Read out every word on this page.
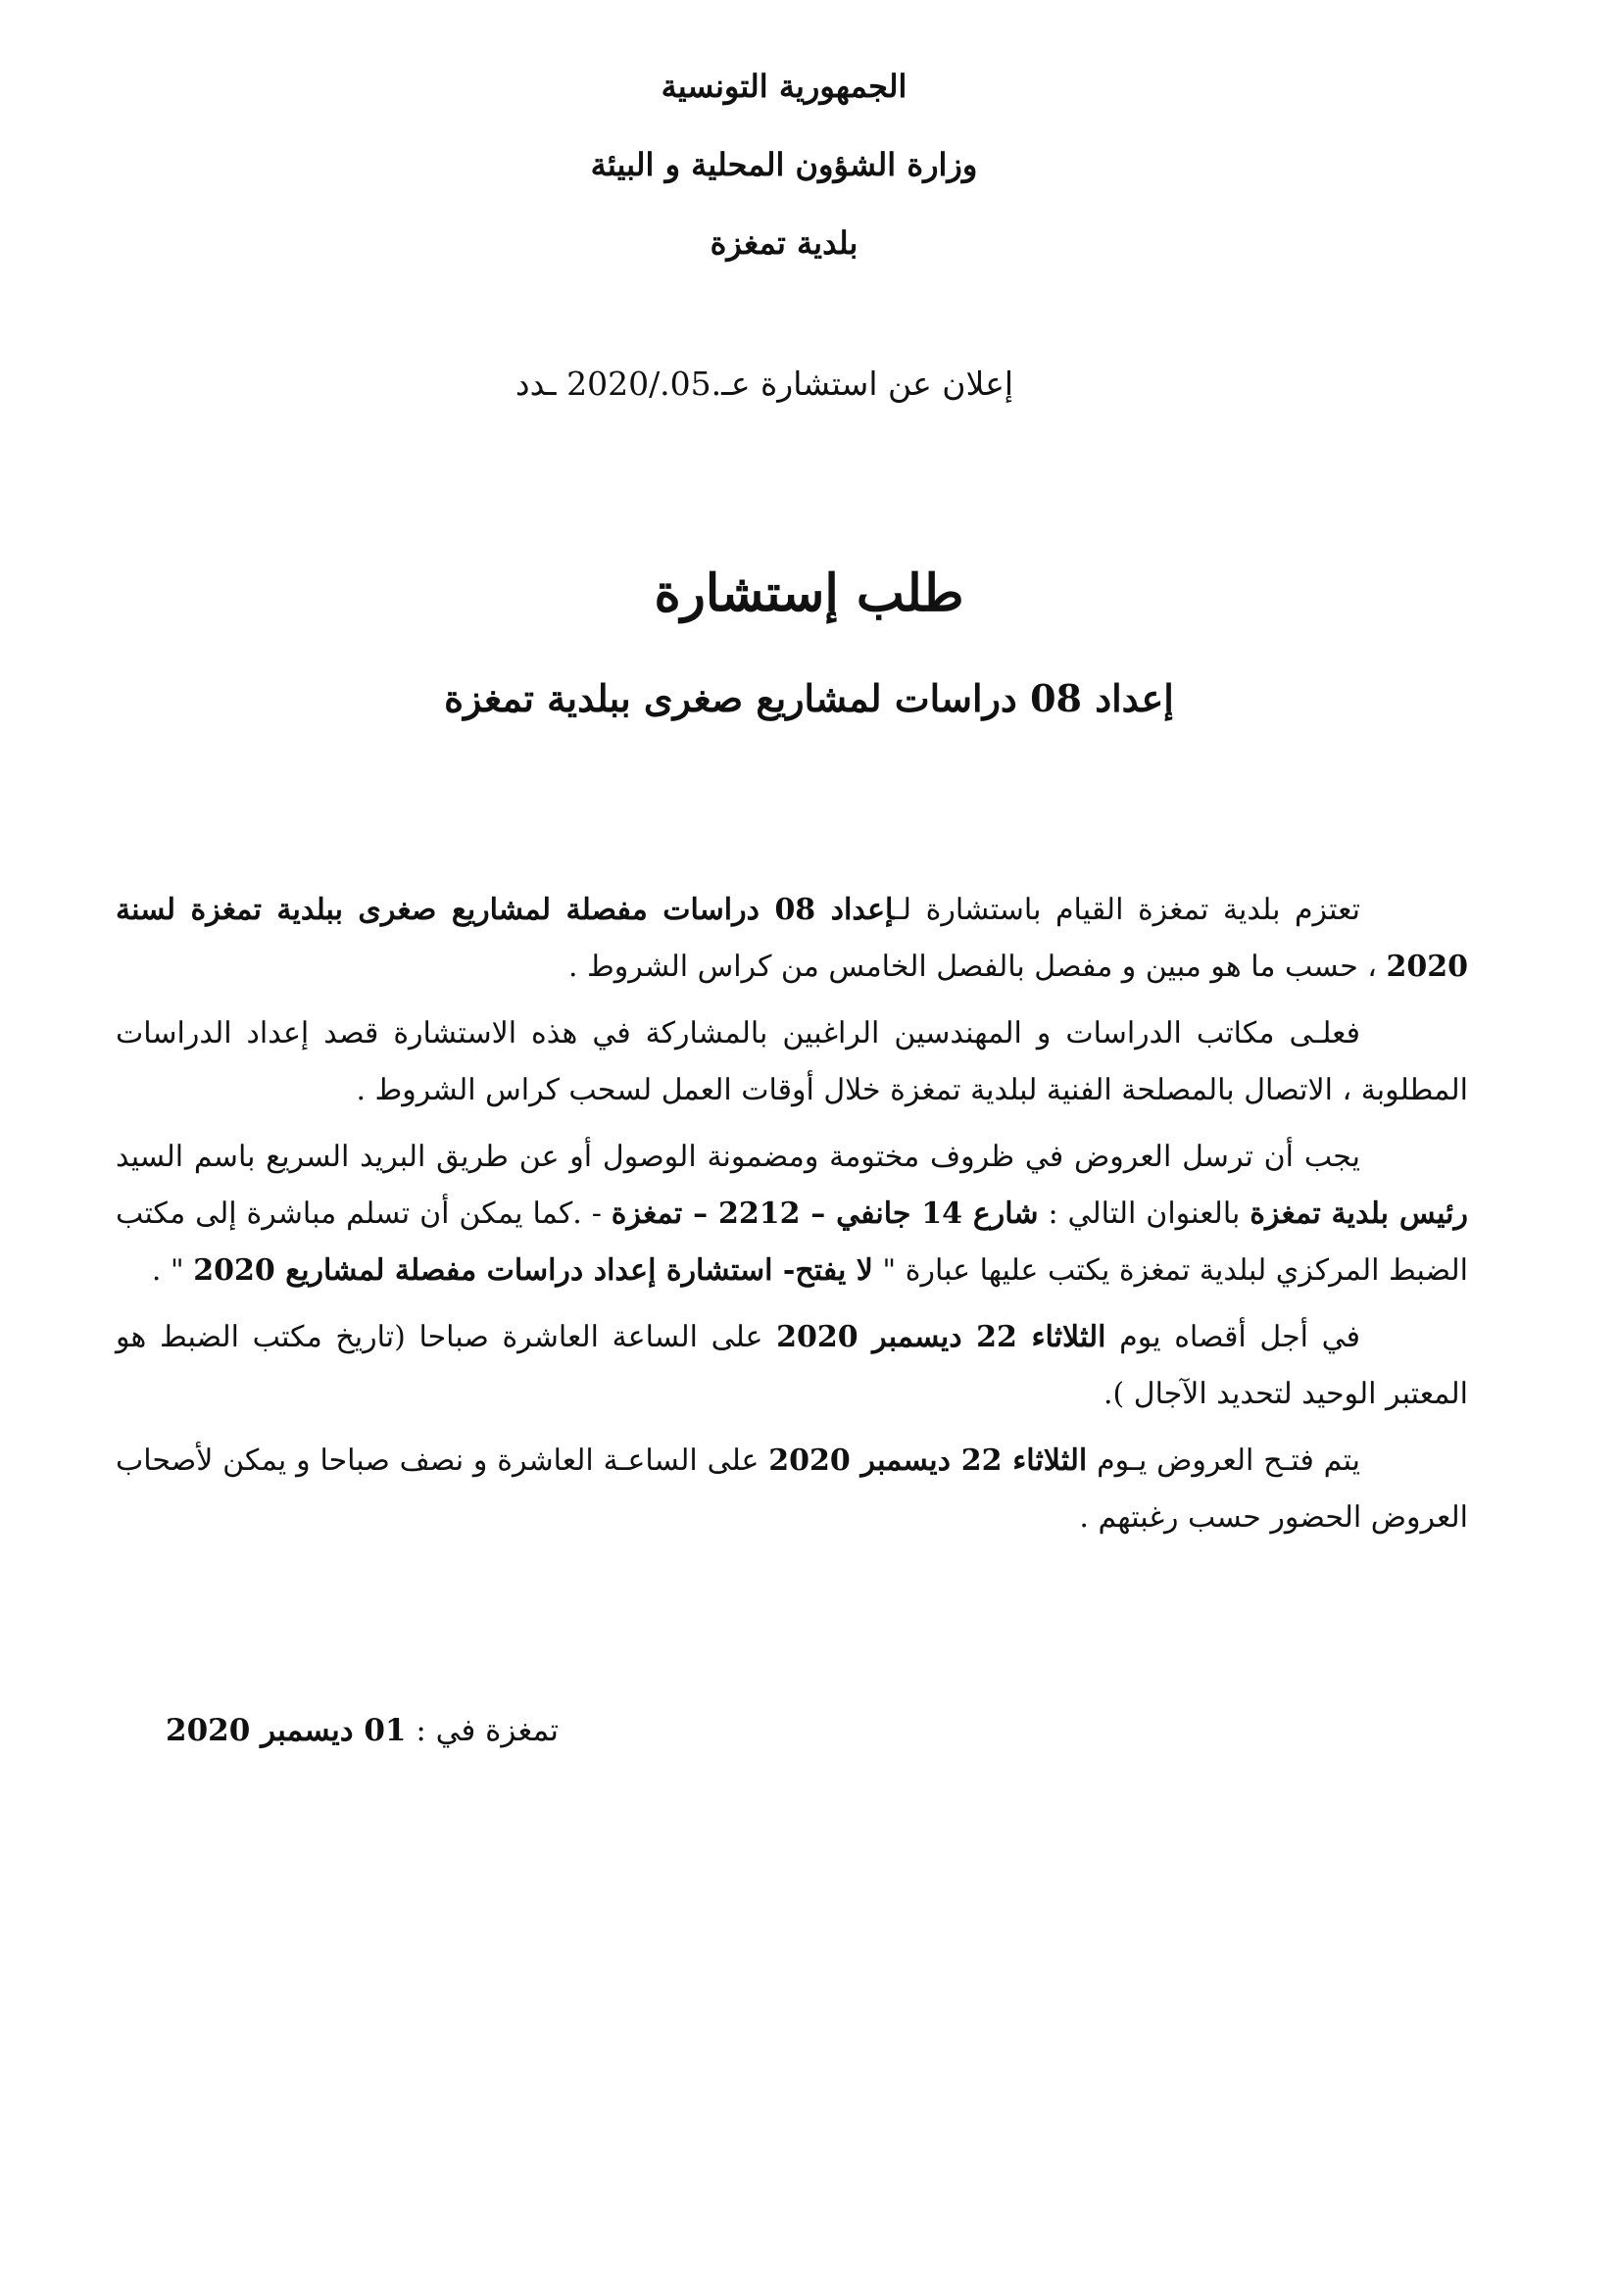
الجمهورية التونسية
وزارة الشؤون المحلية و البيئة
بلدية تمغزة
إعلان عن استشارة عـ.05./2020 ـدد
طلب إستشارة
إعداد 08 دراسات لمشاريع صغرى ببلدية تمغزة

تعتزم بلدية تمغزة القيام باستشارة لـإعداد 08 دراسات مفصلة لمشاريع صغرى ببلدية تمغزة لسنة 2020 ، حسب ما هو مبين و مفصل بالفصل الخامس من كراس الشروط .

فعلـى مكاتب الدراسات و المهندسين الراغبين بالمشاركة في هذه الاستشارة قصد إعداد الدراسات المطلوبة ، الاتصال بالمصلحة الفنية لبلدية تمغزة خلال أوقات العمل لسحب كراس الشروط .

يجب أن ترسل العروض في ظروف مختومة ومضمونة الوصول أو عن طريق البريد السريع باسم السيد رئيس بلدية تمغزة بالعنوان التالي : شارع 14 جانفي – 2212 – تمغزة - .كما يمكن أن تسلم مباشرة إلى مكتب الضبط المركزي لبلدية تمغزة يكتب عليها عبارة " لا يفتح- استشارة إعداد دراسات مفصلة لمشاريع 2020 " .

في أجل أقصاه يوم الثلاثاء 22 ديسمبر 2020 على الساعة العاشرة صباحا (تاريخ مكتب الضبط هو المعتبر الوحيد لتحديد الآجال ).

يتم فتـح العروض يـوم الثلاثاء 22 ديسمبر 2020 على الساعـة العاشرة و نصف صباحا و يمكن لأصحاب العروض الحضور حسب رغبتهم .

تمغزة في : 01 ديسمبر 2020
